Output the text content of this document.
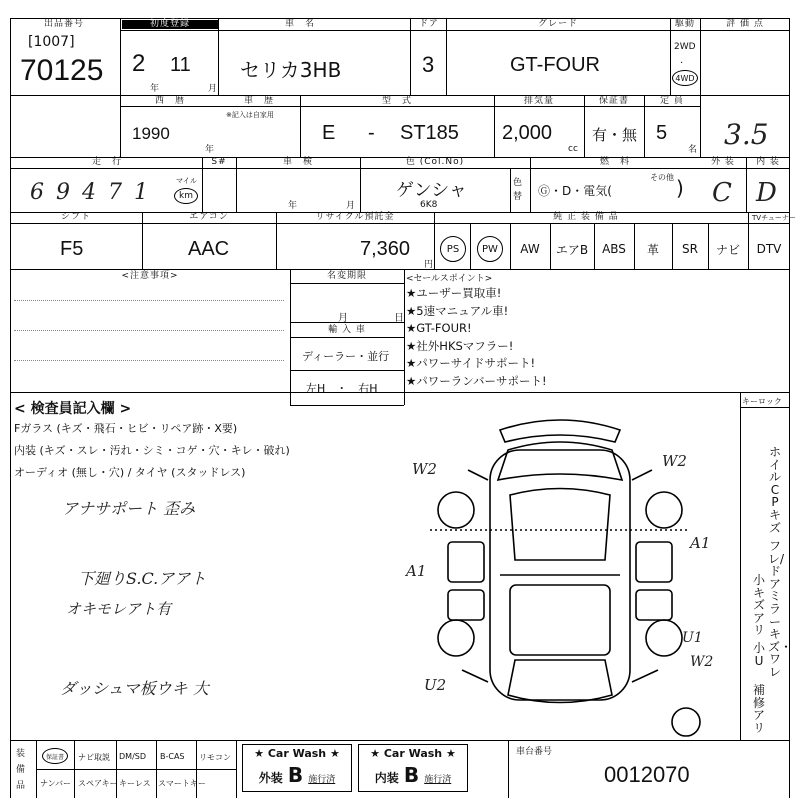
出品番号
[1007]
70125
初度登録
2 11
年	月
車　名
セリカ3HB
ドア
3
グレード
GT-FOUR
駆動
2WD
·
4WD
評 価 点
3.5
西　暦
1990
年
車　歴
※記入は自家用
型　式
E - ST185
排気量
2,000
cc
保証書
有・無
定 員
5
名
走　行
69471 マイル
km
S#	車　検
年	月
色 (Col.No)
ゲンシャ
6K8
色替
燃　料
Ⓖ・D・電気(
その他 )
外 装
C
内 装
D
シフト
F5
エアコン
AAC
リサイクル預託金
7,360
円
純 正 装 備 品	TVチューナー
PS PW	AW	エアB	ABS	革	SR	ナビ	DTV
<注意事項>	名変期限
月	日
輸 入 車
ディーラー・並行
左H　・　右H
<セールスポイント>
★ユーザー買取車!
★5速マニュアル車!
★GT-FOUR!
★社外HKSマフラー!
★パワーサイドサポート!
★パワーランバーサポート!
< 検査員記入欄 >
Fガラス (キズ・飛石・ヒビ・リペア跡・X要)
内装 (キズ・スレ・汚れ・シミ・コゲ・穴・キレ・破れ)
オーディオ (無し・穴) / タイヤ (スタッドレス)
アナサポート 歪み
下廻りS.C.アアト
オキモレアト有
ダッシュマ板ウキ 大
W2	W2
A1
A1
U1
W2
U2
キーロック
ホイルCPキズ
フレ/ドアミラーキズ・ワレ
小キズアリ
小U
補修アリ
装備品
保証書 ナビ取説 DM/SD B-CAS リモコン
ナンバー スペアキー キーレス スマートキー
★ Car Wash ★
外装 B 施行済
★ Car Wash ★
内装 B 施行済
車台番号
0012070
